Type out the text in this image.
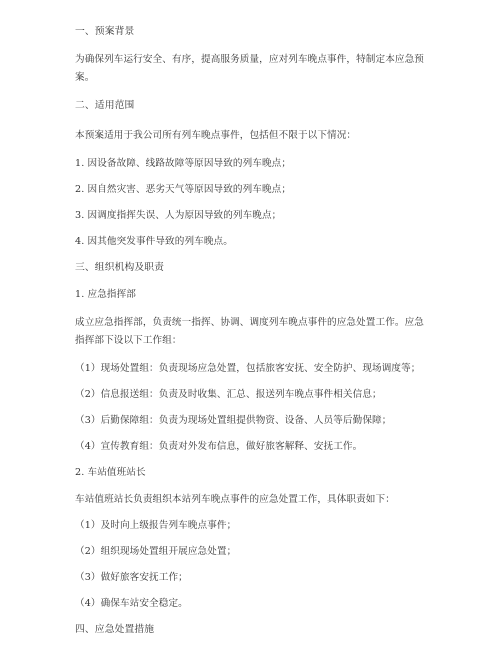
一、预案背景
为确保列车运行安全、有序，提高服务质量，应对列车晚点事件，特制定本应急预
案。
二、适用范围
本预案适用于我公司所有列车晚点事件，包括但不限于以下情况：
1. 因设备故障、线路故障等原因导致的列车晚点；
2. 因自然灾害、恶劣天气等原因导致的列车晚点；
3. 因调度指挥失误、人为原因导致的列车晚点；
4. 因其他突发事件导致的列车晚点。
三、组织机构及职责
1. 应急指挥部
成立应急指挥部，负责统一指挥、协调、调度列车晚点事件的应急处置工作。应急
指挥部下设以下工作组：
（1）现场处置组：负责现场应急处置，包括旅客安抚、安全防护、现场调度等；
（2）信息报送组：负责及时收集、汇总、报送列车晚点事件相关信息；
（3）后勤保障组：负责为现场处置组提供物资、设备、人员等后勤保障；
（4）宣传教育组：负责对外发布信息，做好旅客解释、安抚工作。
2. 车站值班站长
车站值班站长负责组织本站列车晚点事件的应急处置工作，具体职责如下：
（1）及时向上级报告列车晚点事件；
（2）组织现场处置组开展应急处置；
（3）做好旅客安抚工作；
（4）确保车站安全稳定。
四、应急处置措施
